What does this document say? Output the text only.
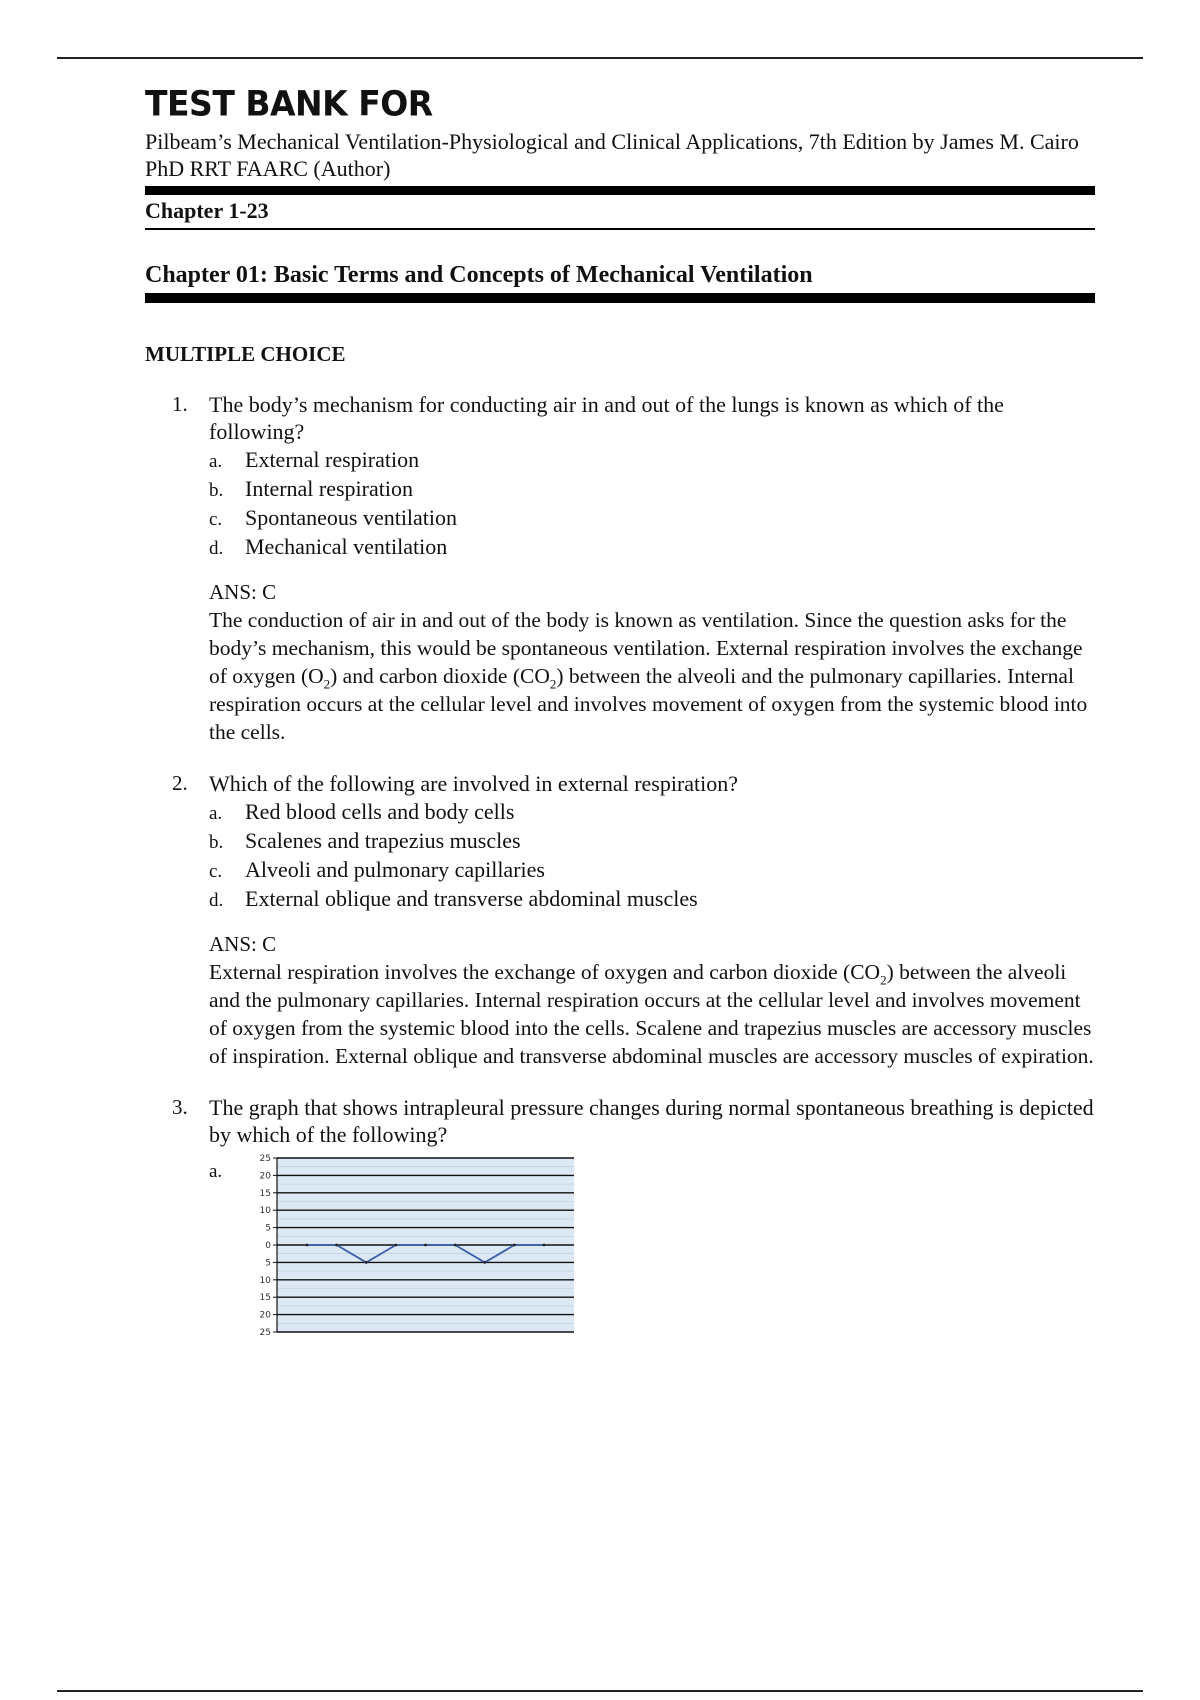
TEST BANK FOR
Pilbeam’s Mechanical Ventilation-Physiological and Clinical Applications, 7th Edition by James M. Cairo PhD RRT FAARC (Author)
Chapter 1-23
Chapter 01: Basic Terms and Concepts of Mechanical Ventilation
MULTIPLE CHOICE
1. The body’s mechanism for conducting air in and out of the lungs is known as which of the following?
a. External respiration
b. Internal respiration
c. Spontaneous ventilation
d. Mechanical ventilation
ANS: C
The conduction of air in and out of the body is known as ventilation. Since the question asks for the body’s mechanism, this would be spontaneous ventilation. External respiration involves the exchange of oxygen $(O_2)$ and carbon dioxide $(CO_2)$ between the alveoli and the pulmonary capillaries. Internal respiration occurs at the cellular level and involves movement of oxygen from the systemic blood into the cells.
2. Which of the following are involved in external respiration?
a. Red blood cells and body cells
b. Scalenes and trapezius muscles
c. Alveoli and pulmonary capillaries
d. External oblique and transverse abdominal muscles
ANS: C
External respiration involves the exchange of oxygen and carbon dioxide $(CO_2)$ between the alveoli and the pulmonary capillaries. Internal respiration occurs at the cellular level and involves movement of oxygen from the systemic blood into the cells. Scalene and trapezius muscles are accessory muscles of inspiration. External oblique and transverse abdominal muscles are accessory muscles of expiration.
3. The graph that shows intrapleural pressure changes during normal spontaneous breathing is depicted by which of the following?
a.
25
20
15
10
5
0
5
10
15
20
25
